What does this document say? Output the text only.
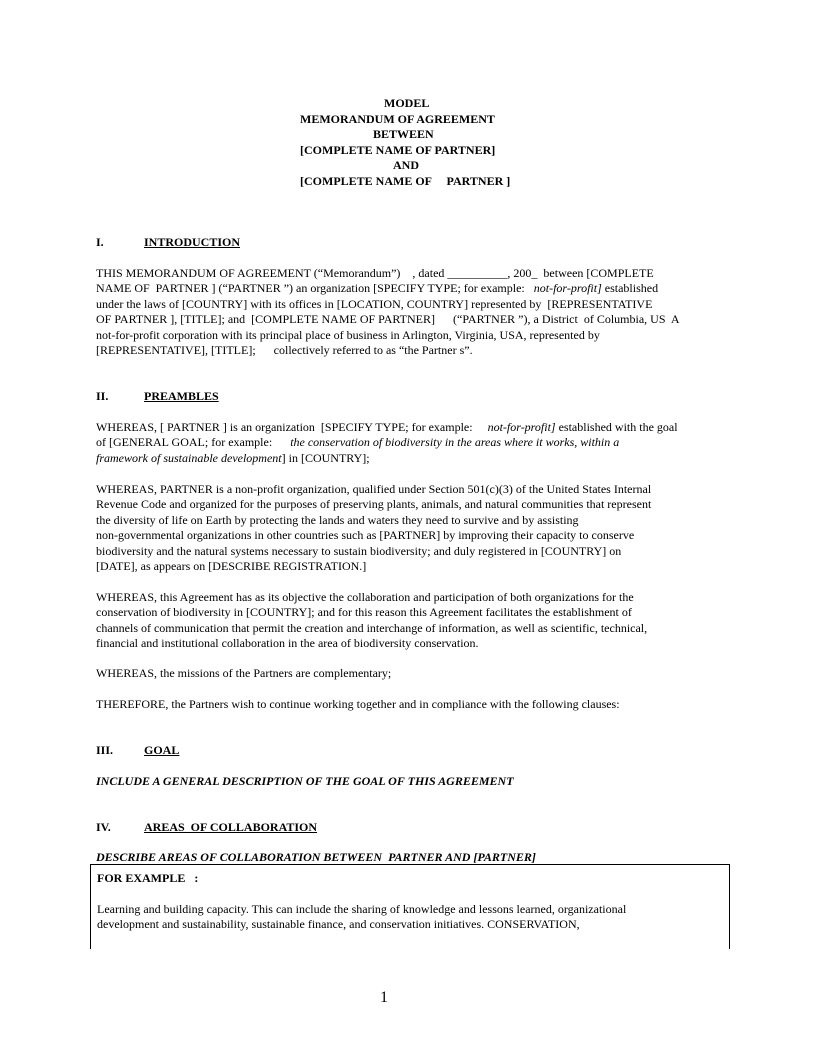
MODEL
MEMORANDUM OF AGREEMENT
BETWEEN
[COMPLETE NAME OF PARTNER]
AND
[COMPLETE NAME OF     PARTNER ]
I.	INTRODUCTION
THIS MEMORANDUM OF AGREEMENT (“Memorandum”)    , dated __________, 200_  between [COMPLETE
NAME OF  PARTNER ] (“PARTNER ”) an organization [SPECIFY TYPE; for example:   not-for-profit] established
under the laws of [COUNTRY] with its offices in [LOCATION, COUNTRY] represented by  [REPRESENTATIVE
OF PARTNER ], [TITLE]; and  [COMPLETE NAME OF PARTNER]      (“PARTNER ”), a District  of Columbia, US  A
not-for-profit corporation with its principal place of business in Arlington, Virginia, USA, represented by
[REPRESENTATIVE], [TITLE];      collectively referred to as “the Partner s”.
II.	PREAMBLES
WHEREAS, [ PARTNER ] is an organization  [SPECIFY TYPE; for example:     not-for-profit] established with the goal
of [GENERAL GOAL; for example:      the conservation of biodiversity in the areas where it works, within a
framework of sustainable development] in [COUNTRY];
WHEREAS, PARTNER is a non-profit organization, qualified under Section 501(c)(3) of the United States Internal
Revenue Code and organized for the purposes of preserving plants, animals, and natural communities that represent
the diversity of life on Earth by protecting the lands and waters they need to survive and by assisting
non-governmental organizations in other countries such as [PARTNER] by improving their capacity to conserve
biodiversity and the natural systems necessary to sustain biodiversity; and duly registered in [COUNTRY] on
[DATE], as appears on [DESCRIBE REGISTRATION.]
WHEREAS, this Agreement has as its objective the collaboration and participation of both organizations for the
conservation of biodiversity in [COUNTRY]; and for this reason this Agreement facilitates the establishment of
channels of communication that permit the creation and interchange of information, as well as scientific, technical,
financial and institutional collaboration in the area of biodiversity conservation.
WHEREAS, the missions of the Partners are complementary;
THEREFORE, the Partners wish to continue working together and in compliance with the following clauses:
III.	GOAL
INCLUDE A GENERAL DESCRIPTION OF THE GOAL OF THIS AGREEMENT
IV.	AREAS  OF COLLABORATION
DESCRIBE AREAS OF COLLABORATION BETWEEN  PARTNER AND [PARTNER]
FOR EXAMPLE   :
Learning and building capacity. This can include the sharing of knowledge and lessons learned, organizational
development and sustainability, sustainable finance, and conservation initiatives. CONSERVATION,
1
